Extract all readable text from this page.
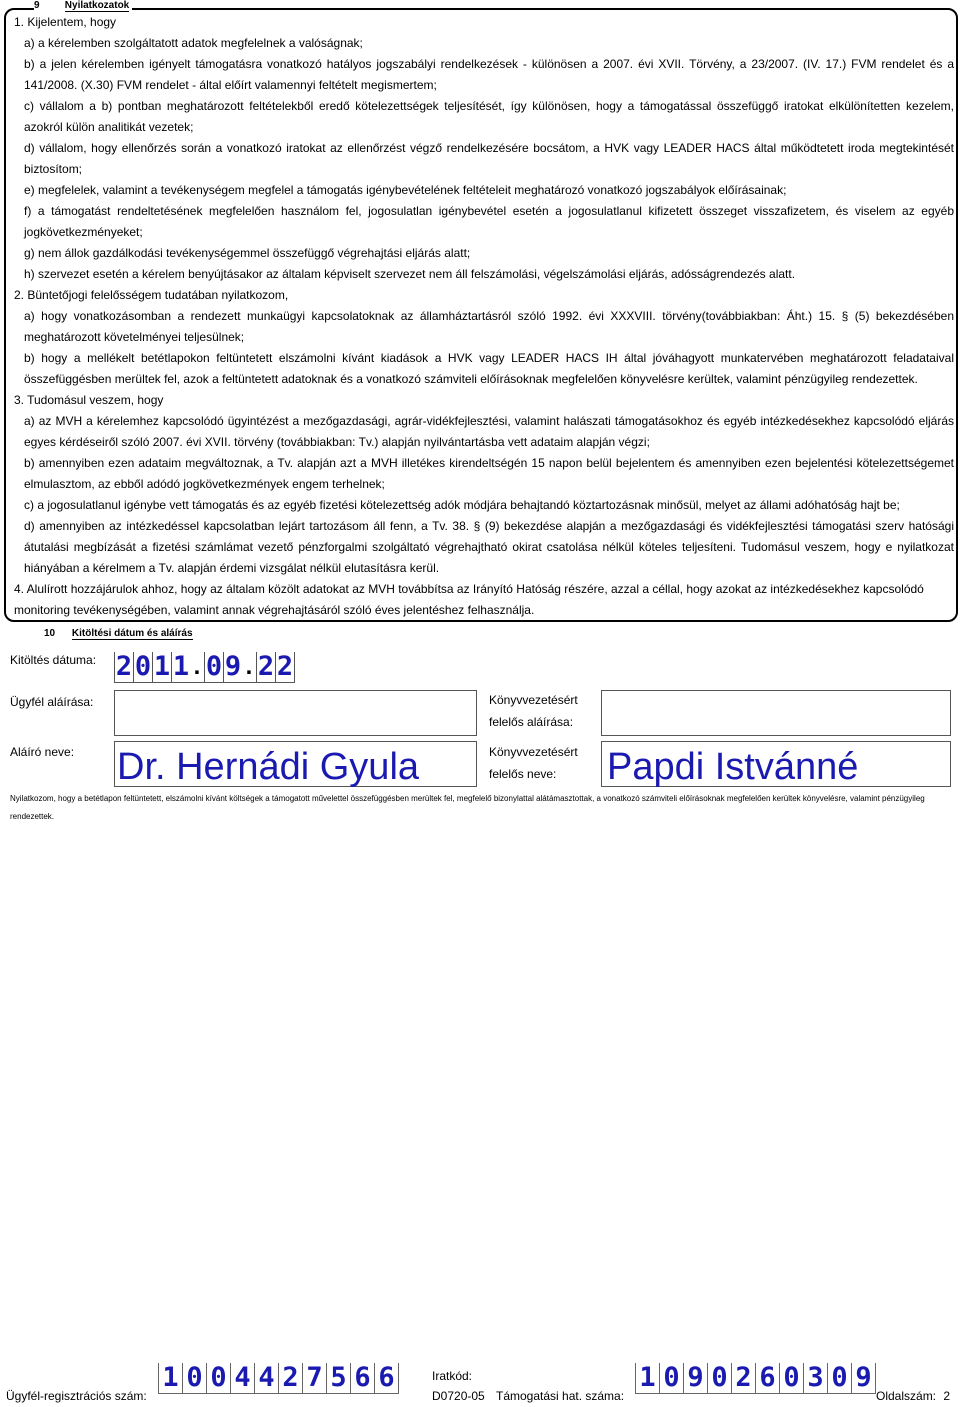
9	Nyilatkozatok

1. Kijelentem, hogy

a) a kérelemben szolgáltatott adatok megfelelnek a valóságnak;

b) a jelen kérelemben igényelt támogatásra vonatkozó hatályos jogszabályi rendelkezések - különösen a 2007. évi XVII. Törvény, a 23/2007. (IV. 17.) FVM rendelet és a 141/2008. (X.30) FVM rendelet - által előírt valamennyi feltételt megismertem;

c) vállalom a b) pontban meghatározott feltételekből eredő kötelezettségek teljesítését, így különösen, hogy a támogatással összefüggő iratokat elkülönítetten kezelem, azokról külön analitikát vezetek;

d) vállalom, hogy ellenőrzés során a vonatkozó iratokat az ellenőrzést végző rendelkezésére bocsátom, a HVK vagy LEADER HACS által működtetett iroda megtekintését biztosítom;

e) megfelelek, valamint a tevékenységem megfelel a támogatás igénybevételének feltételeit meghatározó vonatkozó jogszabályok előírásainak;

f) a támogatást rendeltetésének megfelelően használom fel, jogosulatlan igénybevétel esetén a jogosulatlanul kifizetett összeget visszafizetem, és viselem az egyéb jogkövetkezményeket;

g) nem állok gazdálkodási tevékenységemmel összefüggő végrehajtási eljárás alatt;

h) szervezet esetén a kérelem benyújtásakor az általam képviselt szervezet nem áll felszámolási, végelszámolási eljárás, adósságrendezés alatt.

2. Büntetőjogi felelősségem tudatában nyilatkozom,

a) hogy vonatkozásomban a rendezett munkaügyi kapcsolatoknak az államháztartásról szóló 1992. évi XXXVIII. törvény(továbbiakban: Áht.) 15. § (5) bekezdésében meghatározott követelményei teljesülnek;

b) hogy a mellékelt betétlapokon feltüntetett elszámolni kívánt kiadások a HVK vagy LEADER HACS IH által jóváhagyott munkatervében meghatározott feladataival összefüggésben merültek fel, azok a feltüntetett adatoknak és a vonatkozó számviteli előírásoknak megfelelően könyvelésre kerültek, valamint pénzügyileg rendezettek.

3. Tudomásul veszem, hogy

a) az MVH a kérelemhez kapcsolódó ügyintézést a mezőgazdasági, agrár-vidékfejlesztési, valamint halászati támogatásokhoz és egyéb intézkedésekhez kapcsolódó eljárás egyes kérdéseiről szóló 2007. évi XVII. törvény (továbbiakban: Tv.) alapján nyilvántartásba vett adataim alapján végzi;

b) amennyiben ezen adataim megváltoznak, a Tv. alapján azt a MVH illetékes kirendeltségén 15 napon belül bejelentem és amennyiben ezen bejelentési kötelezettségemet elmulasztom, az ebből adódó jogkövetkezmények engem terhelnek;

c) a jogosulatlanul igénybe vett támogatás és az egyéb fizetési kötelezettség adók módjára behajtandó köztartozásnak minősül, melyet az állami adóhatóság hajt be;

d) amennyiben az intézkedéssel kapcsolatban lejárt tartozásom áll fenn, a Tv. 38. § (9) bekezdése alapján a mezőgazdasági és vidékfejlesztési támogatási szerv hatósági átutalási megbízását a fizetési számlámat vezető pénzforgalmi szolgáltató végrehajtható okirat csatolása nélkül köteles teljesíteni. Tudomásul veszem, hogy e nyilatkozat hiányában a kérelmem a Tv. alapján érdemi vizsgálat nélkül elutasításra kerül.

4. Alulírott hozzájárulok ahhoz, hogy az általam közölt adatokat az MVH továbbítsa az Irányító Hatóság részére, azzal a céllal, hogy azokat az intézkedésekhez kapcsolódó monitoring tevékenységében, valamint annak végrehajtásáról szóló éves jelentéshez felhasználja.

10 Kitöltési dátum és aláírás
Kitöltés dátuma: 2 0 1 1 . 0 9 . 2 2
Ügyfél aláírása:	Könyvvezetésért
felelős aláírása:
Aláíró neve: Dr. Hernádi Gyula	Könyvvezetésért
felelős neve:	Papdi Istvánné
Nyilatkozom, hogy a betétlapon feltüntetett, elszámolni kívánt költségek a támogatott művelettel összefüggésben merültek fel, megfelelő bizonylattal alátámasztottak, a vonatkozó számviteli előírásoknak megfelelően kerültek könyvelésre, valamint pénzügyileg rendezettek.
Ügyfél-regisztrációs szám:
1 0 0 4 4 2 7 5 6 6	Iratkód:
D0720-05 Támogatási hat. száma:
1 0 9 0 2 6 0 3 0 9
Oldalszám: 2
